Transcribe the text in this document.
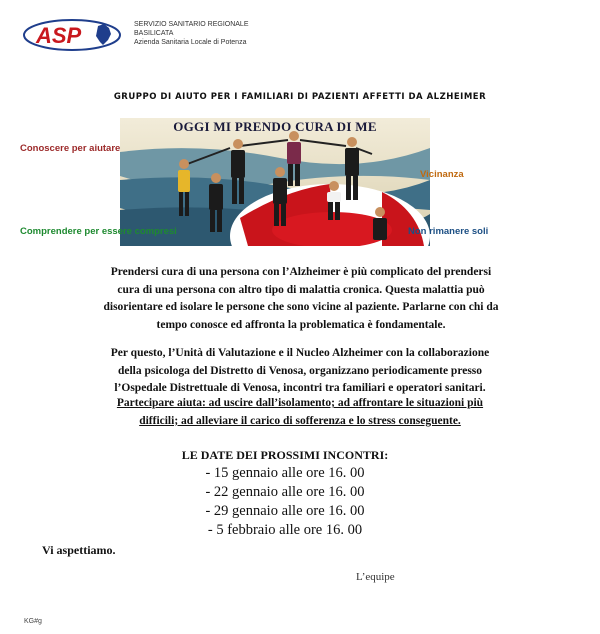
ASP	SERVIZIO SANITARIO REGIONALE
BASILICATA
Azienda Sanitaria Locale di Potenza
GRUPPO DI AIUTO PER I FAMILIARI DI PAZIENTI AFFETTI DA ALZHEIMER
OGGI MI PRENDO CURA DI ME
Conoscere per aiutare
Vicinanza
Comprendere per essere compresi	Non rimanere soli
Prendersi cura di una persona con l’Alzheimer è più complicato del prendersi
cura di una persona con altro tipo di malattia cronica. Questa malattia può
disorientare ed isolare le persone che sono vicine al paziente. Parlarne con chi da
tempo conosce ed affronta la problematica è fondamentale.
Per questo, l’Unità di Valutazione e il Nucleo Alzheimer con la collaborazione
della psicologa del Distretto di Venosa, organizzano periodicamente presso
l’Ospedale Distrettuale di Venosa, incontri tra familiari e operatori sanitari.
Partecipare aiuta: ad uscire dall’isolamento; ad affrontare le situazioni più
difficili; ad alleviare il carico di sofferenza e lo stress conseguente.
LE DATE DEI PROSSIMI INCONTRI:
- 15 gennaio alle ore 16. 00
- 22 gennaio alle ore 16. 00
- 29 gennaio alle ore 16. 00
- 5 febbraio alle ore 16. 00
Vi aspettiamo.
L’equipe
KG#g
